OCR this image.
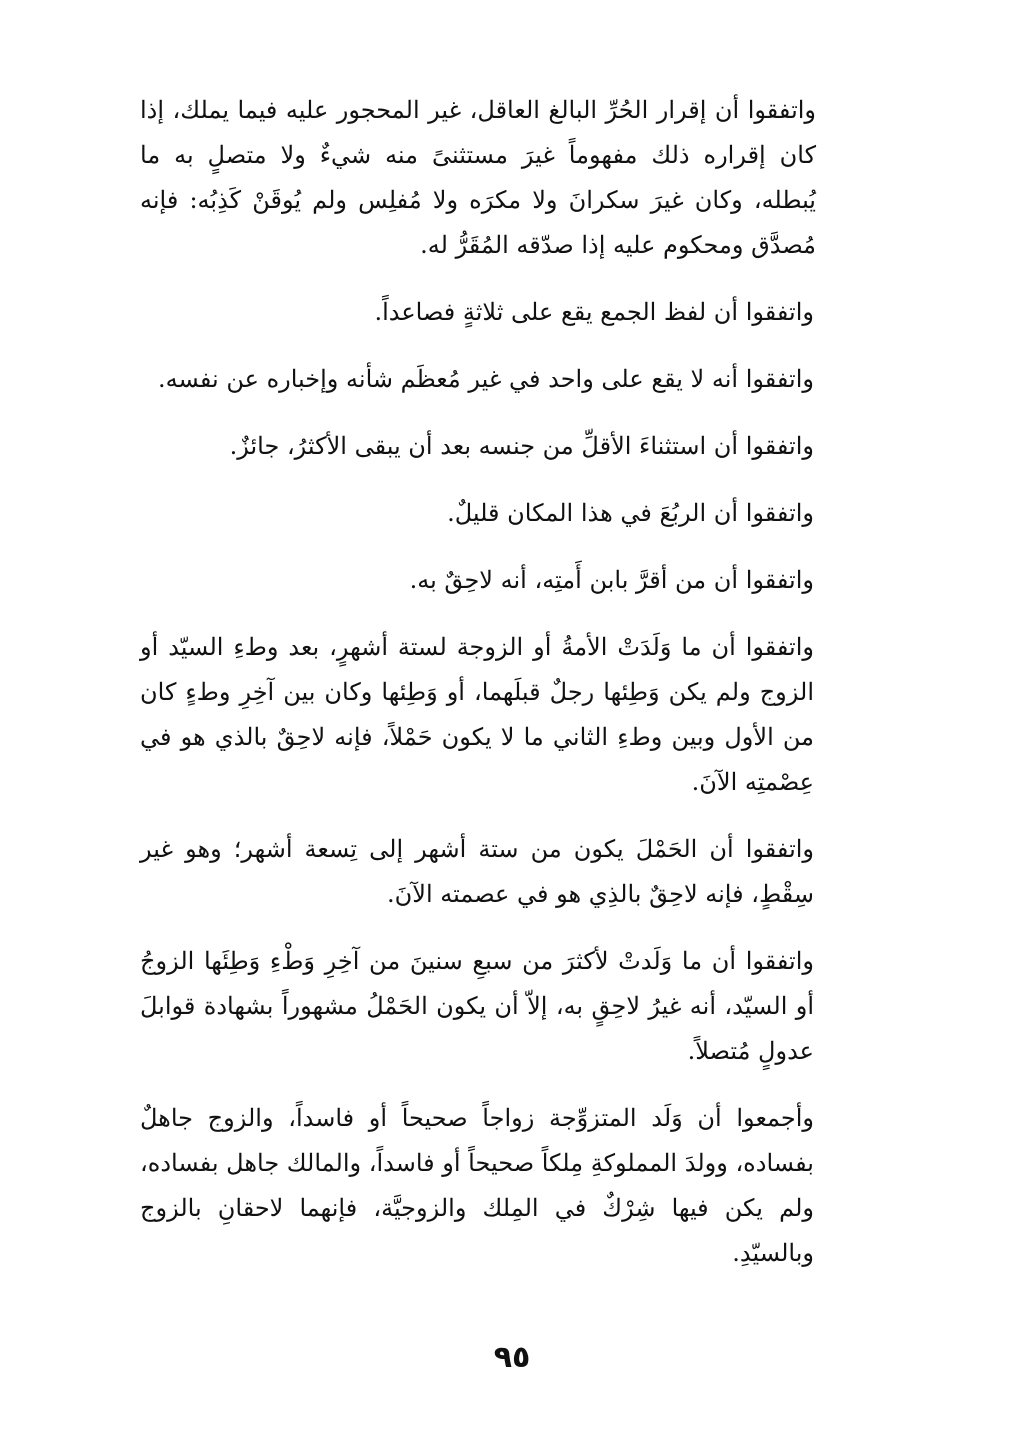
واتفقوا أن إقرار الحُرِّ البالغ العاقل، غير المحجور عليه فيما يملك، إذا كان إقراره ذلك مفهوماً غيرَ مستثنىً منه شيءٌ ولا متصلٍ به ما يُبطله، وكان غيرَ سكرانَ ولا مكرَه ولا مُفلِس ولم يُوقَنْ كَذِبُه: فإنه مُصدَّق ومحكوم عليه إذا صدّقه المُقَرُّ له.

واتفقوا أن لفظ الجمع يقع على ثلاثةٍ فصاعداً.

واتفقوا أنه لا يقع على واحد في غير مُعظَم شأنه وإخباره عن نفسه.

واتفقوا أن استثناءَ الأقلِّ من جنسه بعد أن يبقى الأكثرُ، جائزٌ.

واتفقوا أن الربُعَ في هذا المكان قليلٌ.

واتفقوا أن من أقرَّ بابن أَمتِه، أنه لاحِقٌ به.

واتفقوا أن ما وَلَدَتْ الأمةُ أو الزوجة لستة أشهرٍ، بعد وطءِ السيّد أو الزوج ولم يكن وَطِئها رجلٌ قبلَهما، أو وَطِئها وكان بين آخِرِ وطءٍ كان من الأول وبين وطءِ الثاني ما لا يكون حَمْلاً، فإنه لاحِقٌ بالذي هو في عِصْمتِه الآنَ.

واتفقوا أن الحَمْلَ يكون من ستة أشهر إلى تِسعة أشهر؛ وهو غير سِقْطٍ، فإنه لاحِقٌ بالذِي هو في عصمته الآنَ.

واتفقوا أن ما وَلَدتْ لأكثرَ من سبعِ سنينَ من آخِرِ وَطْءِ وَطِئَها الزوجُ أو السيّد، أنه غيرُ لاحِقٍ به، إلاّ أن يكون الحَمْلُ مشهوراً بشهادة قوابلَ عدولٍ مُتصلاً.

وأجمعوا أن وَلَد المتزوِّجة زواجاً صحيحاً أو فاسداً، والزوج جاهلٌ بفساده، وولدَ المملوكةِ مِلكاً صحيحاً أو فاسداً، والمالك جاهل بفساده، ولم يكن فيها شِرْكٌ في المِلك والزوجيَّة، فإنهما لاحقانِ بالزوج وبالسيّدِ.

٩٥
